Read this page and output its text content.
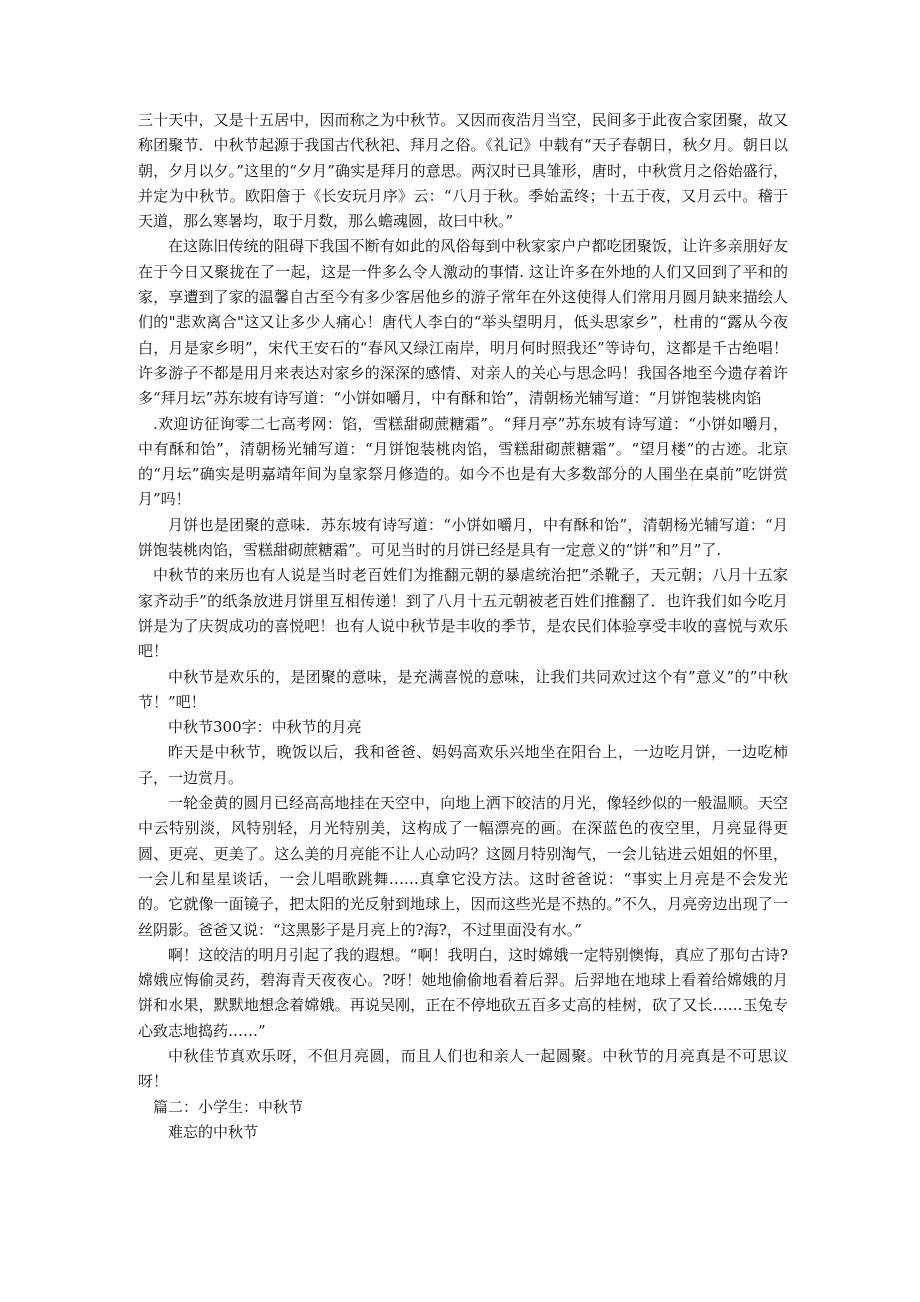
三十天中，又是十五居中，因而称之为中秋节。又因而夜浩月当空，民间多于此夜合家团聚，故又称团聚节．中秋节起源于我国古代秋祀、拜月之俗。《礼记》中载有“天子春朝日，秋夕月。朝日以朝，夕月以夕。”这里的“夕月”确实是拜月的意思。两汉时已具雏形，唐时，中秋赏月之俗始盛行，并定为中秋节。欧阳詹于《长安玩月序》云：“八月于秋。季始孟终；十五于夜，又月云中。稽于天道，那么寒暑均，取于月数，那么蟾魂圆，故曰中秋。”

在这陈旧传统的阻碍下我国不断有如此的风俗每到中秋家家户户都吃团聚饭，让许多亲朋好友在于今日又聚拢在了一起，这是一件多么令人激动的事情. 这让许多在外地的人们又回到了平和的家，享遭到了家的温馨自古至今有多少客居他乡的游子常年在外这使得人们常用月圆月缺来描绘人们的"悲欢离合"这又让多少人痛心！唐代人李白的“举头望明月，低头思家乡”，杜甫的“露从今夜白，月是家乡明”，宋代王安石的“春风又绿江南岸，明月何时照我还”等诗句，这都是千古绝唱！许多游子不都是用月来表达对家乡的深深的感情、对亲人的关心与思念吗！我国各地至今遗存着许多“拜月坛”苏东坡有诗写道：“小饼如嚼月，中有酥和饴”，清朝杨光辅写道：“月饼饱装桃肉馅

.欢迎访征询零二七高考网：馅，雪糕甜砌蔗糖霜”。“拜月亭”苏东坡有诗写道：“小饼如嚼月，中有酥和饴”，清朝杨光辅写道：“月饼饱装桃肉馅，雪糕甜砌蔗糖霜”。“望月楼”的古迹。北京的“月坛”确实是明嘉靖年间为皇家祭月修造的。如今不也是有大多数部分的人围坐在桌前”吃饼赏月”吗！

月饼也是团聚的意味．苏东坡有诗写道：“小饼如嚼月，中有酥和饴”，清朝杨光辅写道：“月饼饱装桃肉馅，雪糕甜砌蔗糖霜”。可见当时的月饼已经是具有一定意义的”饼”和”月”了.

中秋节的来历也有人说是当时老百姓们为推翻元朝的暴虐统治把”杀靴子，天元朝；八月十五家家齐动手”的纸条放进月饼里互相传递！到了八月十五元朝被老百姓们推翻了．也许我们如今吃月饼是为了庆贺成功的喜悦吧！也有人说中秋节是丰收的季节，是农民们体验享受丰收的喜悦与欢乐吧！

中秋节是欢乐的，是团聚的意味，是充满喜悦的意味，让我们共同欢过这个有”意义”的”中秋节！”吧！

中秋节300字：中秋节的月亮

昨天是中秋节，晚饭以后，我和爸爸、妈妈高欢乐兴地坐在阳台上，一边吃月饼，一边吃柿子，一边赏月。

一轮金黄的圆月已经高高地挂在天空中，向地上洒下皎洁的月光，像轻纱似的一般温顺。天空中云特别淡，风特别轻，月光特别美，这构成了一幅漂亮的画。在深蓝色的夜空里，月亮显得更圆、更亮、更美了。这么美的月亮能不让人心动吗？这圆月特别淘气，一会儿钻进云姐姐的怀里，一会儿和星星谈话，一会儿唱歌跳舞……真拿它没方法。这时爸爸说：“事实上月亮是不会发光的。它就像一面镜子，把太阳的光反射到地球上，因而这些光是不热的。”不久，月亮旁边出现了一丝阴影。爸爸又说：“这黑影子是月亮上的?海?，不过里面没有水。”

啊！这皎洁的明月引起了我的遐想。“啊！我明白，这时嫦娥一定特别懊悔，真应了那句古诗?嫦娥应悔偷灵药，碧海青天夜夜心。?呀！她地偷偷地看着后羿。后羿地在地球上看着给嫦娥的月饼和水果，默默地想念着嫦娥。再说吴刚，正在不停地砍五百多丈高的桂树，砍了又长……玉兔专心致志地捣药……”

中秋佳节真欢乐呀，不但月亮圆，而且人们也和亲人一起圆聚。中秋节的月亮真是不可思议呀！

篇二：小学生：中秋节

难忘的中秋节
